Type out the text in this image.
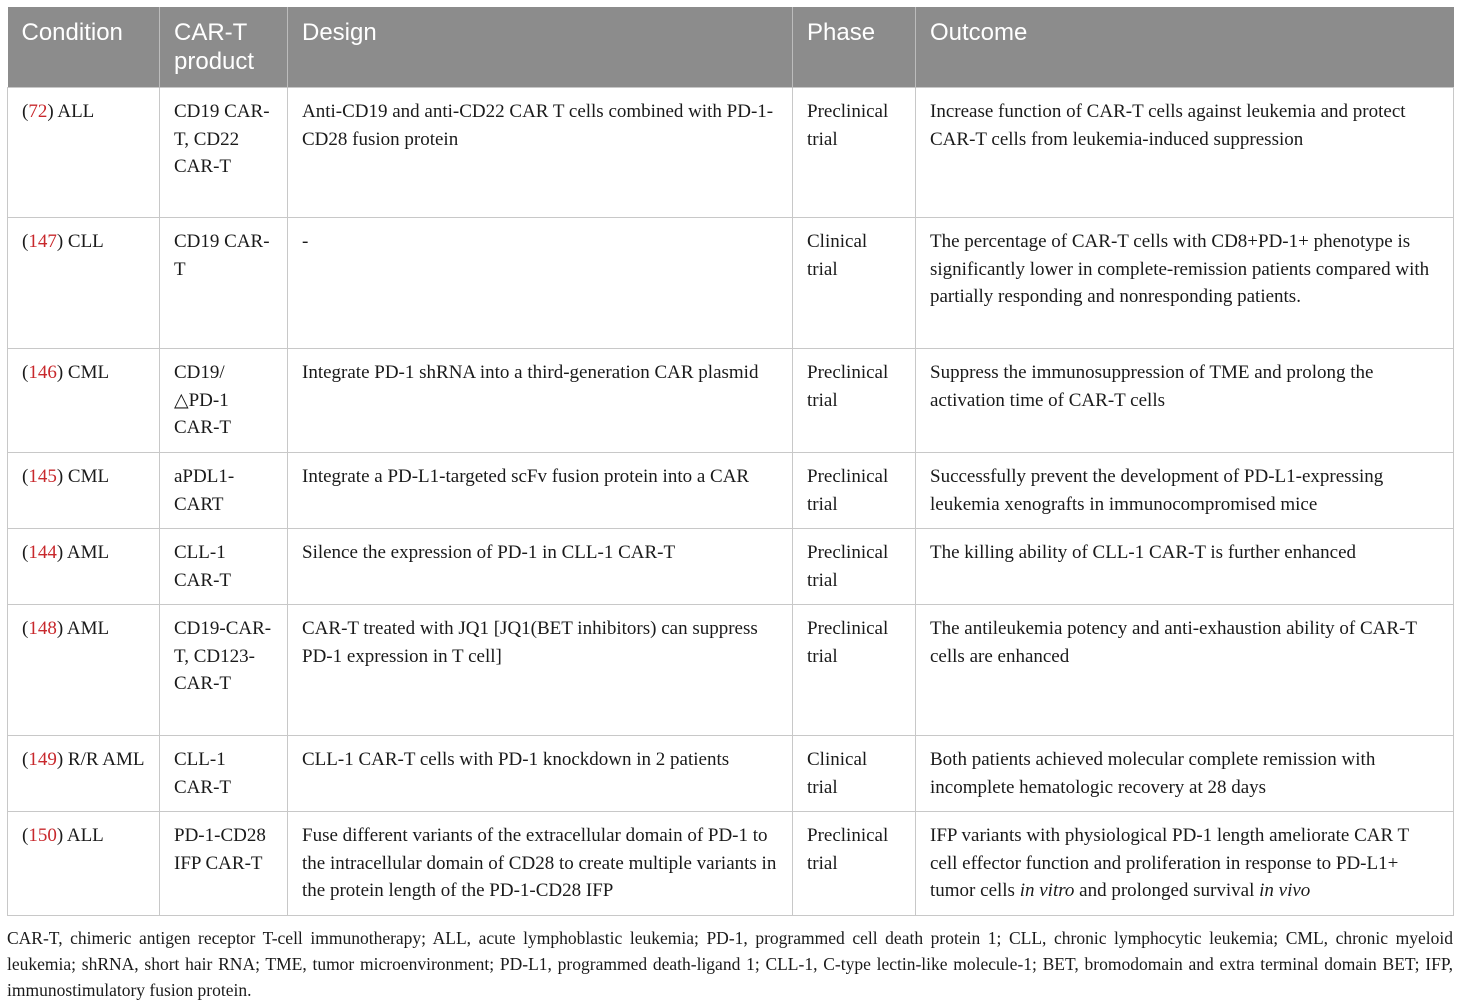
Condition	CAR-T product	Design	Phase	Outcome
(72) ALL	CD19 CAR-T, CD22 CAR-T	Anti-CD19 and anti-CD22 CAR T cells combined with PD-1-CD28 fusion protein	Preclinical trial	Increase function of CAR-T cells against leukemia and protect CAR-T cells from leukemia-induced suppression
(147) CLL	CD19 CAR-T	-	Clinical trial	The percentage of CAR-T cells with CD8+PD-1+ phenotype is significantly lower in complete-remission patients compared with partially responding and nonresponding patients.
(146) CML	CD19/ △PD-1 CAR-T	Integrate PD-1 shRNA into a third-generation CAR plasmid	Preclinical trial	Suppress the immunosuppression of TME and prolong the activation time of CAR-T cells
(145) CML	aPDL1-CART	Integrate a PD-L1-targeted scFv fusion protein into a CAR	Preclinical trial	Successfully prevent the development of PD-L1-expressing leukemia xenografts in immunocompromised mice
(144) AML	CLL-1 CAR-T	Silence the expression of PD-1 in CLL-1 CAR-T	Preclinical trial	The killing ability of CLL-1 CAR-T is further enhanced
(148) AML	CD19-CAR-T, CD123-CAR-T	CAR-T treated with JQ1 [JQ1(BET inhibitors) can suppress PD-1 expression in T cell]	Preclinical trial	The antileukemia potency and anti-exhaustion ability of CAR-T cells are enhanced
(149) R/R AML	CLL-1 CAR-T	CLL-1 CAR-T cells with PD-1 knockdown in 2 patients	Clinical trial	Both patients achieved molecular complete remission with incomplete hematologic recovery at 28 days
(150) ALL	PD-1-CD28 IFP CAR-T	Fuse different variants of the extracellular domain of PD-1 to the intracellular domain of CD28 to create multiple variants in the protein length of the PD-1-CD28 IFP	Preclinical trial	IFP variants with physiological PD-1 length ameliorate CAR T cell effector function and proliferation in response to PD-L1+ tumor cells in vitro and prolonged survival in vivo
CAR-T, chimeric antigen receptor T-cell immunotherapy; ALL, acute lymphoblastic leukemia; PD-1, programmed cell death protein 1; CLL, chronic lymphocytic leukemia; CML, chronic myeloid leukemia; shRNA, short hair RNA; TME, tumor microenvironment; PD-L1, programmed death-ligand 1; CLL-1, C-type lectin-like molecule-1; BET, bromodomain and extra terminal domain BET; IFP, immunostimulatory fusion protein.
